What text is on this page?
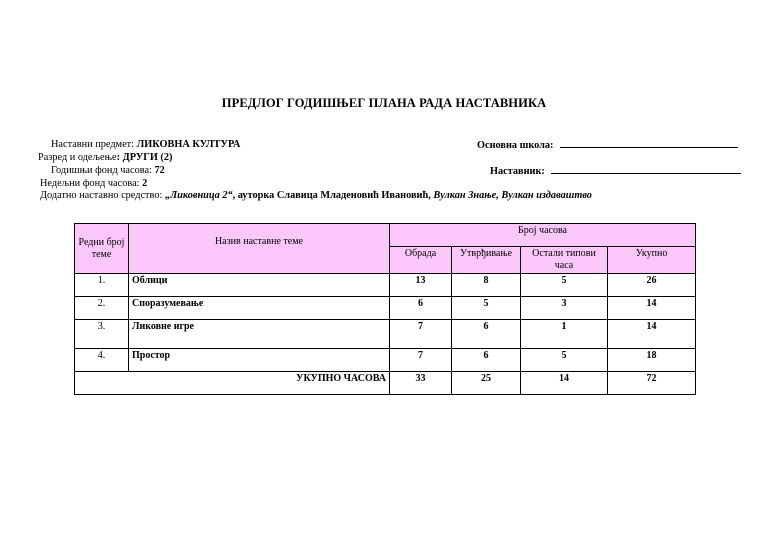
ПРЕДЛОГ ГОДИШЊЕГ ПЛАНА РАДА НАСТАВНИКА
Наставни предмет: ЛИКОВНА КУЛТУРА	Основна школа:
Разред и одељење: ДРУГИ (2)
Годишњи фонд часова: 72	Наставник:
Недељни фонд часова: 2
Додатно наставно средство: „Ликовница 2“, ауторка Славица Младеновић Ивановић, Вулкан Знање, Вулкан издаваштво
Редни број теме	Назив наставне теме	Број часова			
		Обрада	Утврђивање	Остали типови часа	Укупно
1.	Облици	13	8	5	26
2.	Споразумевање	6	5	3	14
3.	Ликовне игре	7	6	1	14
4.	Простор	7	6	5	18
УКУПНО ЧАСОВА		33	25	14	72
